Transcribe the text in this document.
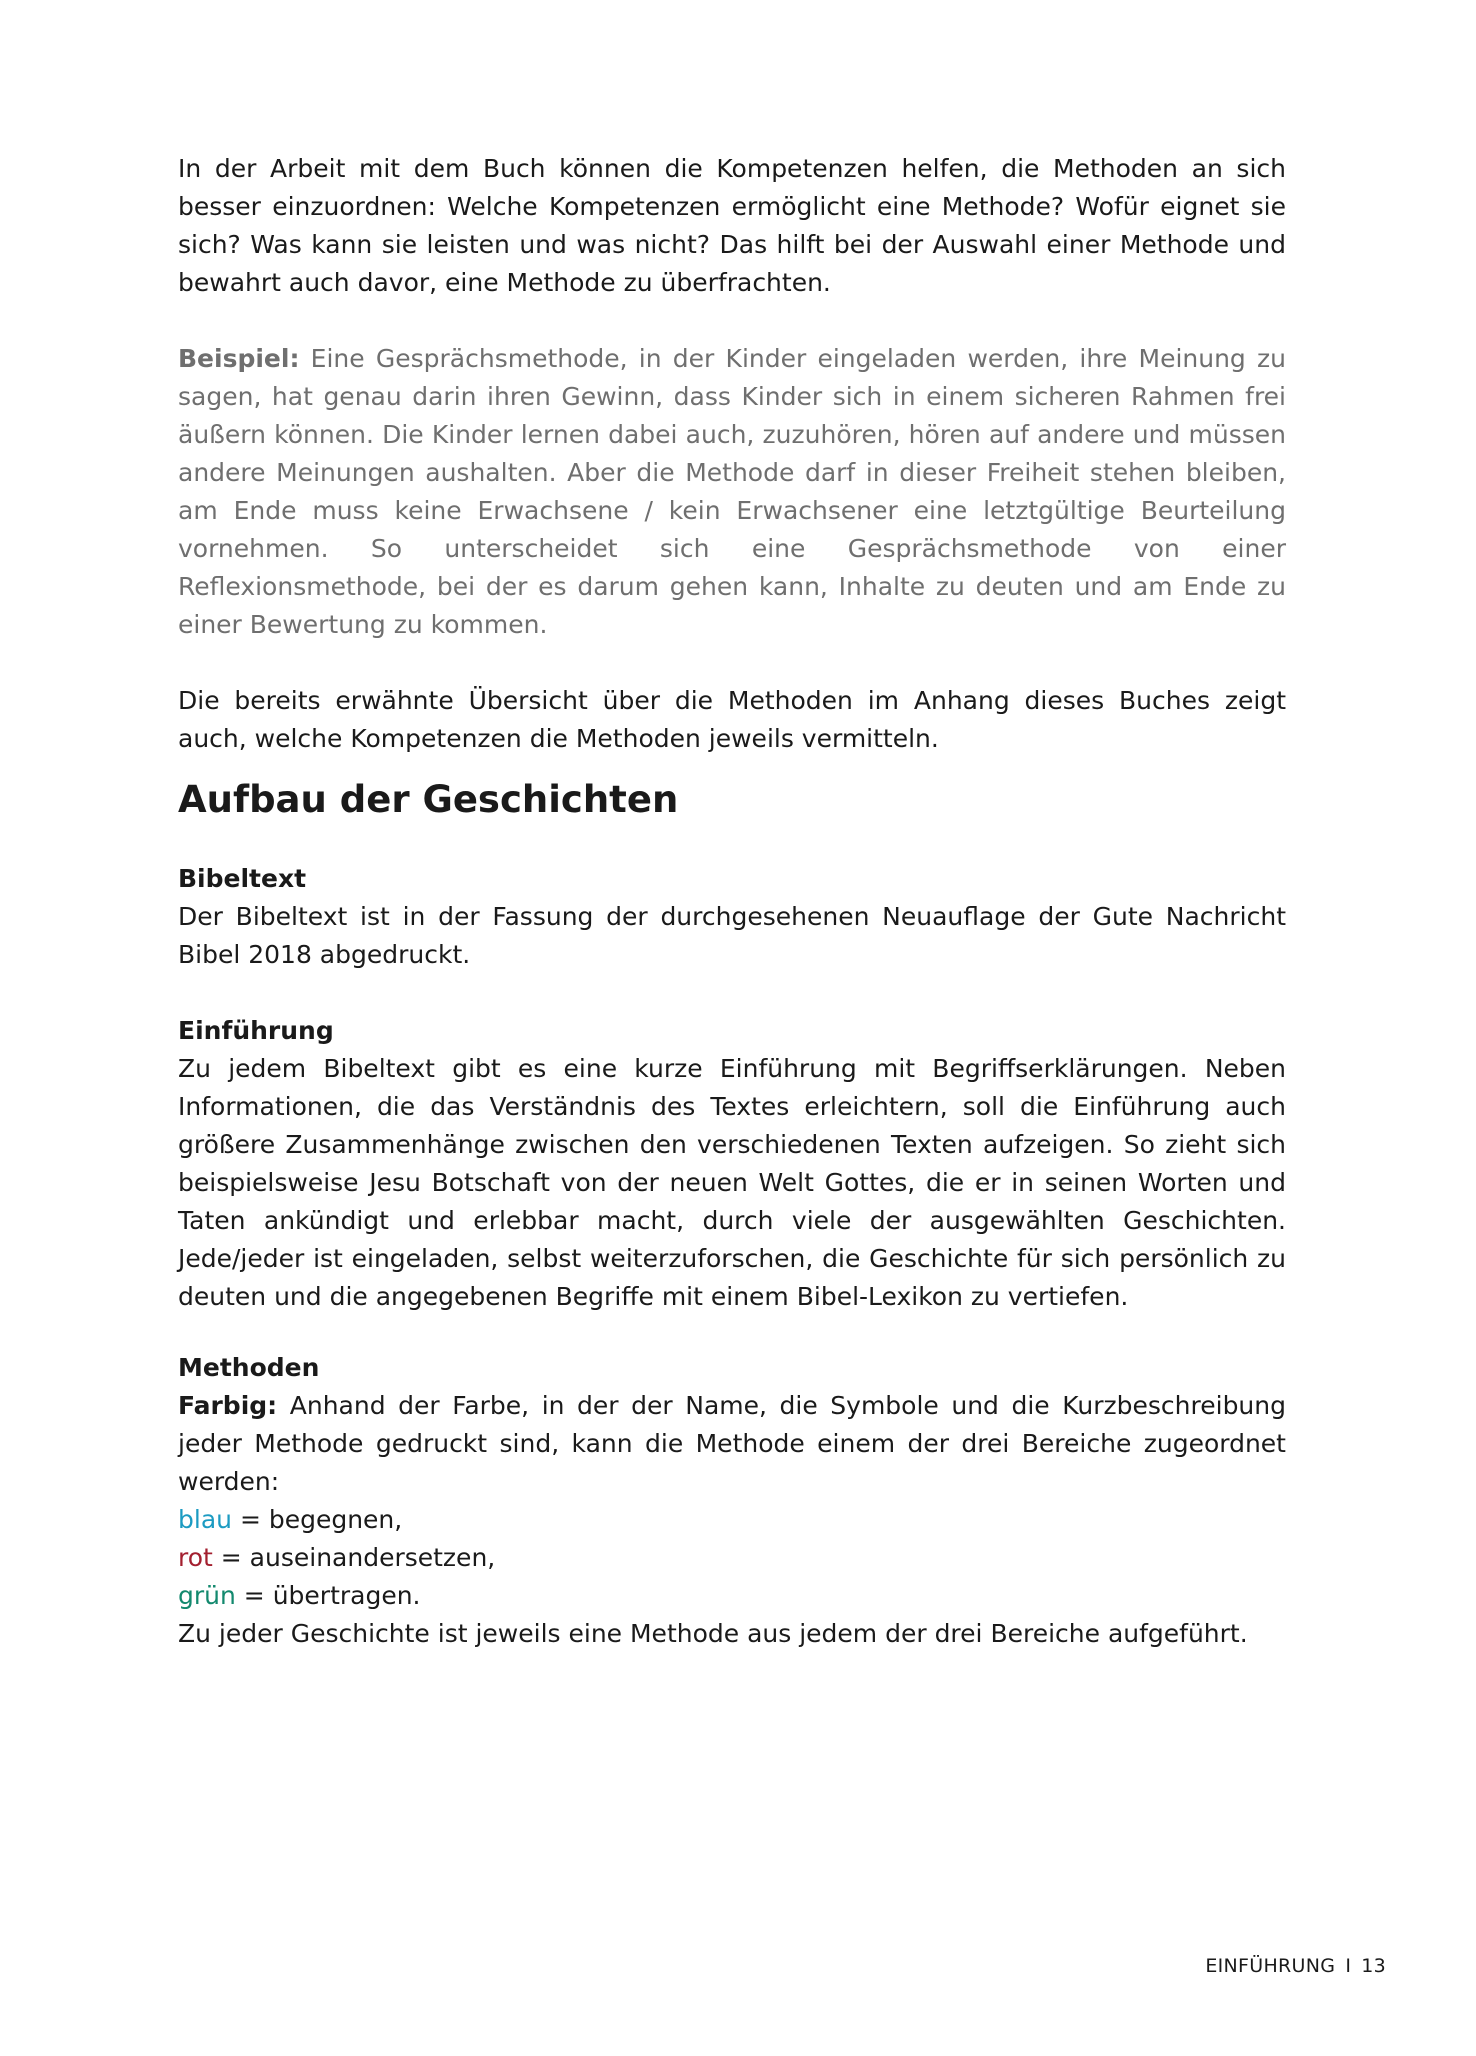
In der Arbeit mit dem Buch können die Kompetenzen helfen, die Methoden an sich besser einzuordnen: Welche Kompetenzen ermöglicht eine Methode? Wofür eignet sie sich? Was kann sie leisten und was nicht? Das hilft bei der Auswahl einer Methode und bewahrt auch davor, eine Methode zu überfrachten.

Beispiel: Eine Gesprächsmethode, in der Kinder eingeladen werden, ihre Meinung zu sagen, hat genau darin ihren Gewinn, dass Kinder sich in einem sicheren Rahmen frei äußern können. Die Kinder lernen dabei auch, zuzuhören, hören auf andere und müssen andere Meinungen aushalten. Aber die Methode darf in dieser Freiheit stehen bleiben, am Ende muss keine Erwachsene / kein Erwachsener eine letztgültige Beurteilung vornehmen. So unterscheidet sich eine Gesprächsmethode von einer Reflexionsmethode, bei der es darum gehen kann, Inhalte zu deuten und am Ende zu einer Bewertung zu kommen.

Die bereits erwähnte Übersicht über die Methoden im Anhang dieses Buches zeigt auch, welche Kompetenzen die Methoden jeweils vermitteln.

Aufbau der Geschichten
Bibeltext

Der Bibeltext ist in der Fassung der durchgesehenen Neuauflage der Gute Nachricht Bibel 2018 abgedruckt.

Einführung

Zu jedem Bibeltext gibt es eine kurze Einführung mit Begriffserklärungen. Neben Informationen, die das Verständnis des Textes erleichtern, soll die Einführung auch größere Zusammenhänge zwischen den verschiedenen Texten aufzeigen. So zieht sich beispielsweise Jesu Botschaft von der neuen Welt Gottes, die er in seinen Worten und Taten ankündigt und erlebbar macht, durch viele der ausgewählten Geschichten. Jede/jeder ist eingeladen, selbst weiterzuforschen, die Geschichte für sich persönlich zu deuten und die angegebenen Begriffe mit einem Bibel-Lexikon zu vertiefen.

Methoden

Farbig: Anhand der Farbe, in der der Name, die Symbole und die Kurzbeschreibung jeder Methode gedruckt sind, kann die Methode einem der drei Bereiche zugeordnet werden:

blau = begegnen,

rot = auseinandersetzen,

grün = übertragen.

Zu jeder Geschichte ist jeweils eine Methode aus jedem der drei Bereiche aufgeführt.

EINFÜHRUNG I 13
